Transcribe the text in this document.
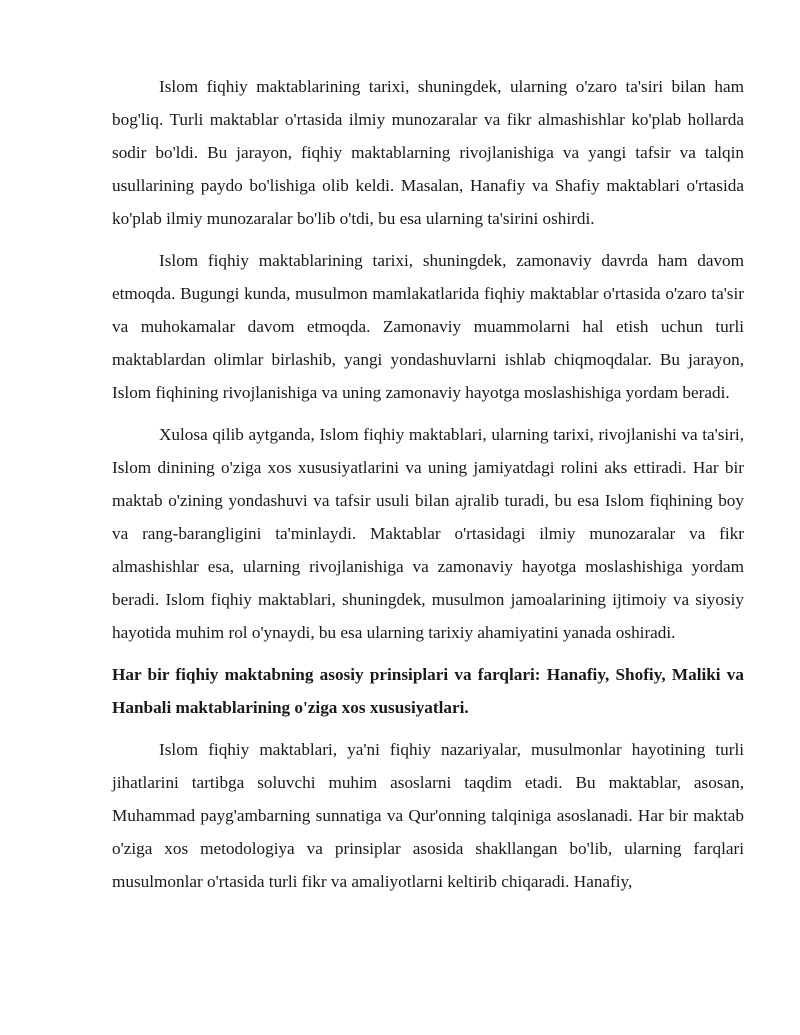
Islom fiqhiy maktablarining tarixi, shuningdek, ularning o'zaro ta'siri bilan ham bog'liq. Turli maktablar o'rtasida ilmiy munozaralar va fikr almashishlar ko'plab hollarda sodir bo'ldi. Bu jarayon, fiqhiy maktablarning rivojlanishiga va yangi tafsir va talqin usullarining paydo bo'lishiga olib keldi. Masalan, Hanafiy va Shafiy maktablari o'rtasida ko'plab ilmiy munozaralar bo'lib o'tdi, bu esa ularning ta'sirini oshirdi.

Islom fiqhiy maktablarining tarixi, shuningdek, zamonaviy davrda ham davom etmoqda. Bugungi kunda, musulmon mamlakatlarida fiqhiy maktablar o'rtasida o'zaro ta'sir va muhokamalar davom etmoqda. Zamonaviy muammolarni hal etish uchun turli maktablardan olimlar birlashib, yangi yondashuvlarni ishlab chiqmoqdalar. Bu jarayon, Islom fiqhining rivojlanishiga va uning zamonaviy hayotga moslashishiga yordam beradi.

Xulosa qilib aytganda, Islom fiqhiy maktablari, ularning tarixi, rivojlanishi va ta'siri, Islom dinining o'ziga xos xususiyatlarini va uning jamiyatdagi rolini aks ettiradi. Har bir maktab o'zining yondashuvi va tafsir usuli bilan ajralib turadi, bu esa Islom fiqhining boy va rang-barangligini ta'minlaydi. Maktablar o'rtasidagi ilmiy munozaralar va fikr almashishlar esa, ularning rivojlanishiga va zamonaviy hayotga moslashishiga yordam beradi. Islom fiqhiy maktablari, shuningdek, musulmon jamoalarining ijtimoiy va siyosiy hayotida muhim rol o'ynaydi, bu esa ularning tarixiy ahamiyatini yanada oshiradi.

Har bir fiqhiy maktabning asosiy prinsiplari va farqlari: Hanafiy, Shofiy, Maliki va Hanbali maktablarining o'ziga xos xususiyatlari.

Islom fiqhiy maktablari, ya'ni fiqhiy nazariyalar, musulmonlar hayotining turli jihatlarini tartibga soluvchi muhim asoslarni taqdim etadi. Bu maktablar, asosan, Muhammad payg'ambarning sunnatiga va Qur'onning talqiniga asoslanadi. Har bir maktab o'ziga xos metodologiya va prinsiplar asosida shakllangan bo'lib, ularning farqlari musulmonlar o'rtasida turli fikr va amaliyotlarni keltirib chiqaradi. Hanafiy,
